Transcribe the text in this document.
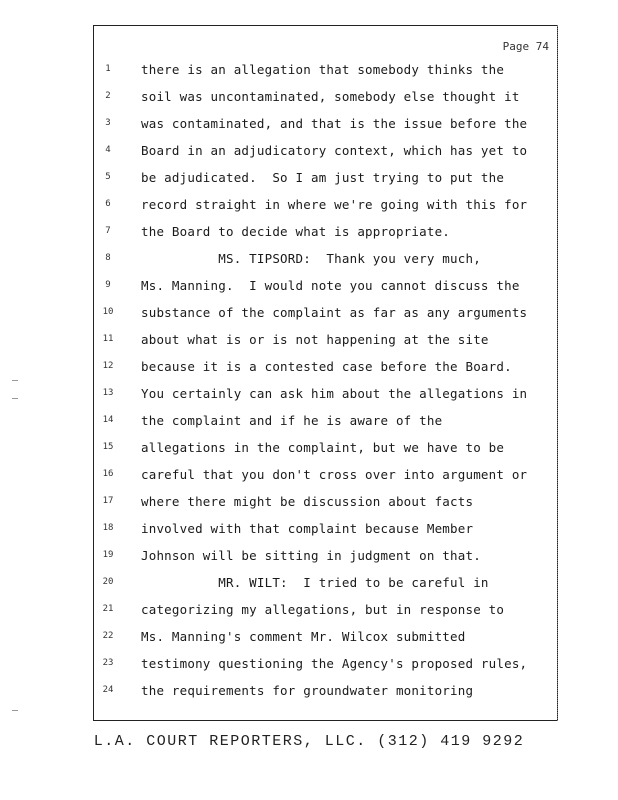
Page 74
1	there is an allegation that somebody thinks the
2	soil was uncontaminated, somebody else thought it
3	was contaminated, and that is the issue before the
4	Board in an adjudicatory context, which has yet to
5	be adjudicated.  So I am just trying to put the
6	record straight in where we're going with this for
7	the Board to decide what is appropriate.
8	MS. TIPSORD:  Thank you very much,
9	Ms. Manning.  I would note you cannot discuss the
10	substance of the complaint as far as any arguments
11	about what is or is not happening at the site
12	because it is a contested case before the Board.
13	You certainly can ask him about the allegations in
14	the complaint and if he is aware of the
15	allegations in the complaint, but we have to be
16	careful that you don't cross over into argument or
17	where there might be discussion about facts
18	involved with that complaint because Member
19	Johnson will be sitting in judgment on that.
20	MR. WILT:  I tried to be careful in
21	categorizing my allegations, but in response to
22	Ms. Manning's comment Mr. Wilcox submitted
23	testimony questioning the Agency's proposed rules,
24	the requirements for groundwater monitoring
L.A. COURT REPORTERS, LLC. (312) 419 9292
